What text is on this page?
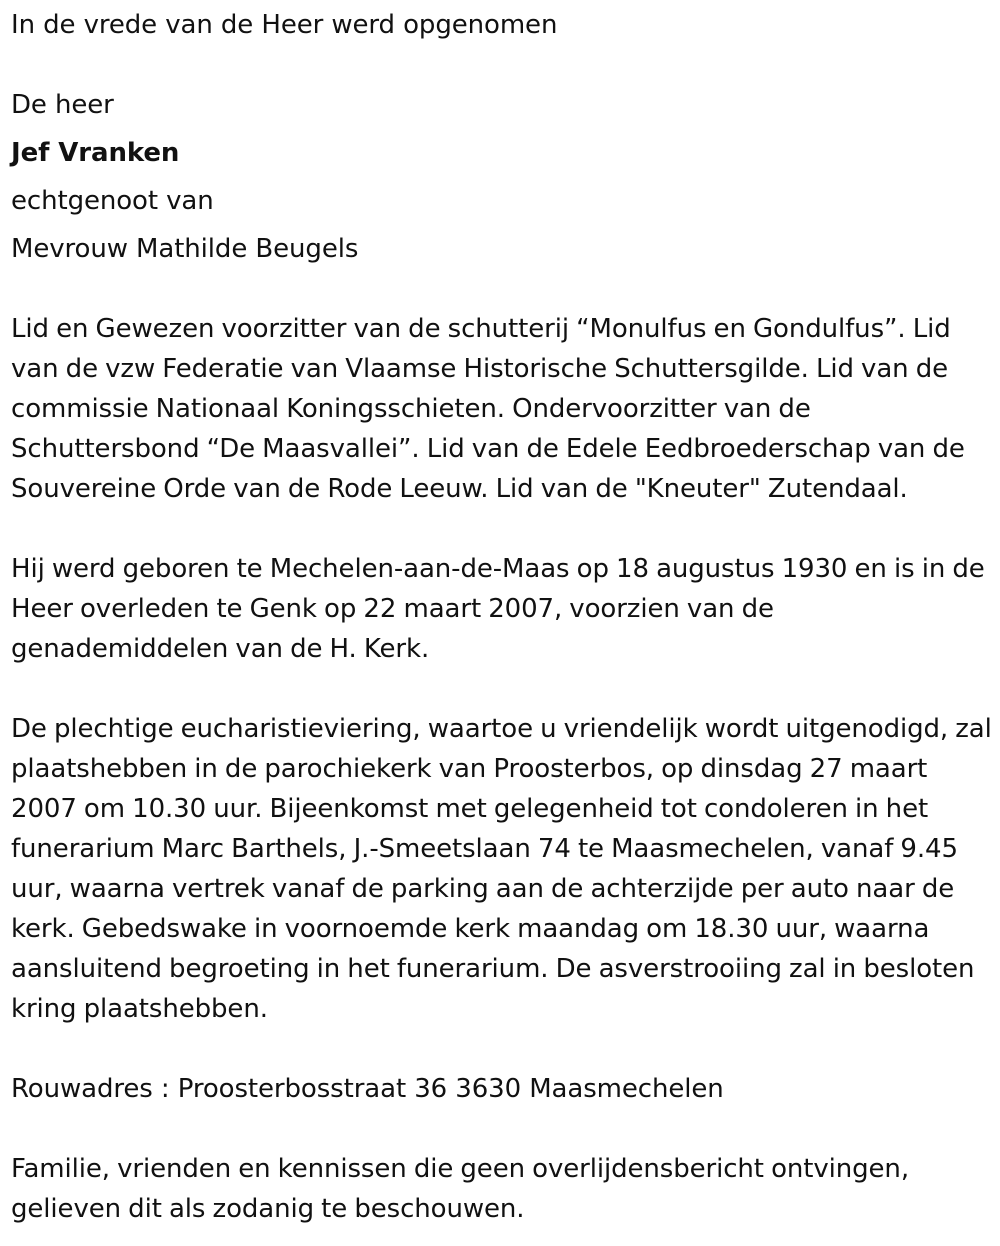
In de vrede van de Heer werd opgenomen
De heer
Jef Vranken
echtgenoot van
Mevrouw Mathilde Beugels
Lid en Gewezen voorzitter van de schutterij “Monulfus en Gondulfus”. Lid van de vzw Federatie van Vlaamse Historische Schuttersgilde. Lid van de commissie Nationaal Koningsschieten. Ondervoorzitter van de Schuttersbond “De Maasvallei”. Lid van de Edele Eedbroederschap van de Souvereine Orde van de Rode Leeuw. Lid van de "Kneuter" Zutendaal.
Hij werd geboren te Mechelen-aan-de-Maas op 18 augustus 1930 en is in de Heer overleden te Genk op 22 maart 2007, voorzien van de genademiddelen van de H. Kerk.
De plechtige eucharistieviering, waartoe u vriendelijk wordt uitgenodigd, zal plaatshebben in de parochiekerk van Proosterbos, op dinsdag 27 maart 2007 om 10.30 uur. Bijeenkomst met gelegenheid tot condoleren in het funerarium Marc Barthels, J.-Smeetslaan 74 te Maasmechelen, vanaf 9.45 uur, waarna vertrek vanaf de parking aan de achterzijde per auto naar de kerk. Gebedswake in voornoemde kerk maandag om 18.30 uur, waarna aansluitend begroeting in het funerarium. De asverstrooiing zal in besloten kring plaatshebben.
Rouwadres : Proosterbosstraat 36 3630 Maasmechelen
Familie, vrienden en kennissen die geen overlijdensbericht ontvingen, gelieven dit als zodanig te beschouwen.
